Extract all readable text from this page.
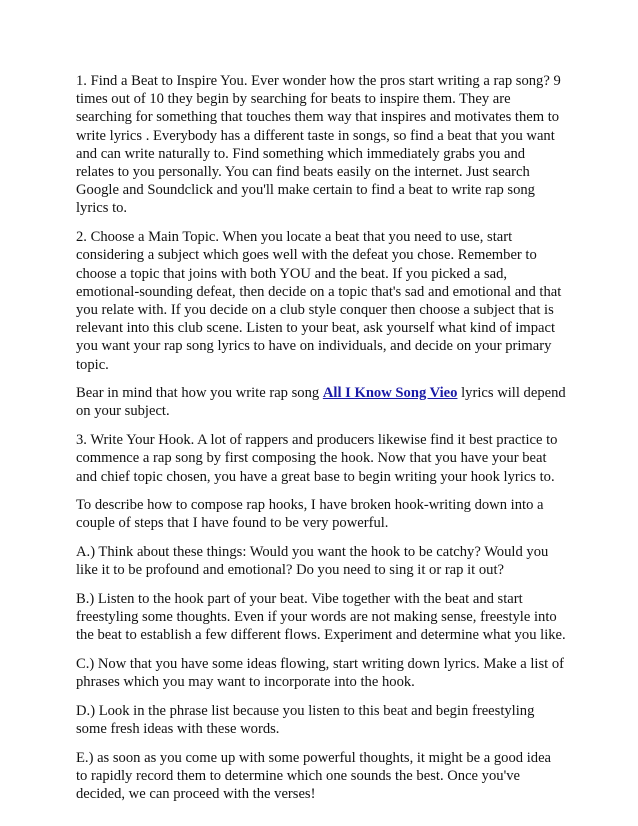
1. Find a Beat to Inspire You. Ever wonder how the pros start writing a rap song? 9 times out of 10 they begin by searching for beats to inspire them. They are searching for something that touches them way that inspires and motivates them to write lyrics . Everybody has a different taste in songs, so find a beat that you want and can write naturally to. Find something which immediately grabs you and relates to you personally. You can find beats easily on the internet. Just search Google and Soundclick and you'll make certain to find a beat to write rap song lyrics to.

2. Choose a Main Topic. When you locate a beat that you need to use, start considering a subject which goes well with the defeat you chose. Remember to choose a topic that joins with both YOU and the beat. If you picked a sad, emotional-sounding defeat, then decide on a topic that's sad and emotional and that you relate with. If you decide on a club style conquer then choose a subject that is relevant into this club scene. Listen to your beat, ask yourself what kind of impact you want your rap song lyrics to have on individuals, and decide on your primary topic.

Bear in mind that how you write rap song All I Know Song Vieo lyrics will depend on your subject.

3. Write Your Hook. A lot of rappers and producers likewise find it best practice to commence a rap song by first composing the hook. Now that you have your beat and chief topic chosen, you have a great base to begin writing your hook lyrics to.

To describe how to compose rap hooks, I have broken hook-writing down into a couple of steps that I have found to be very powerful.

A.) Think about these things: Would you want the hook to be catchy? Would you like it to be profound and emotional? Do you need to sing it or rap it out?

B.) Listen to the hook part of your beat. Vibe together with the beat and start freestyling some thoughts. Even if your words are not making sense, freestyle into the beat to establish a few different flows. Experiment and determine what you like.

C.) Now that you have some ideas flowing, start writing down lyrics. Make a list of phrases which you may want to incorporate into the hook.

D.) Look in the phrase list because you listen to this beat and begin freestyling some fresh ideas with these words.

E.) as soon as you come up with some powerful thoughts, it might be a good idea to rapidly record them to determine which one sounds the best. Once you've decided, we can proceed with the verses!
